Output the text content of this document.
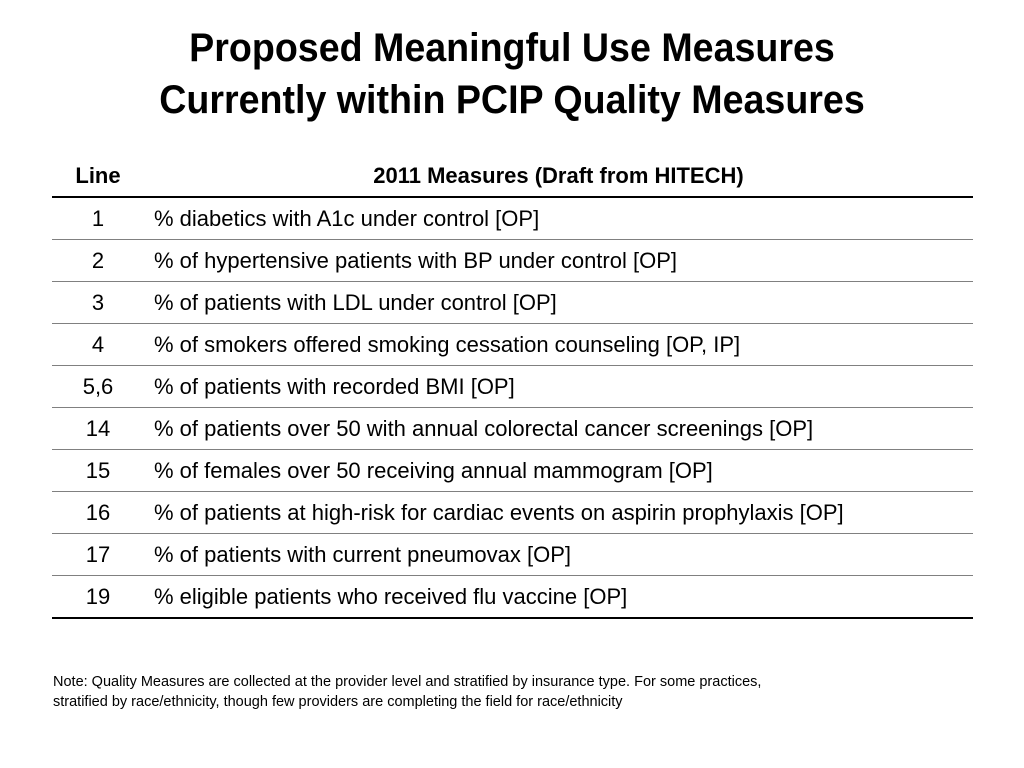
Proposed Meaningful Use Measures
Currently within PCIP Quality Measures
Line	2011 Measures (Draft from HITECH)
1	% diabetics with A1c under control [OP]
2	% of hypertensive patients with BP under control [OP]
3	% of patients with LDL under control [OP]
4	% of smokers offered smoking cessation counseling [OP, IP]
5,6	% of patients with recorded BMI [OP]
14	% of patients over 50 with annual colorectal cancer screenings [OP]
15	% of females over 50 receiving annual mammogram [OP]
16	% of patients at high-risk for cardiac events on aspirin prophylaxis [OP]
17	% of patients with current pneumovax [OP]
19	% eligible patients who received flu vaccine [OP]

Note: Quality Measures are collected at the provider level and stratified by insurance type. For some practices,
stratified by race/ethnicity, though few providers are completing the field for race/ethnicity
